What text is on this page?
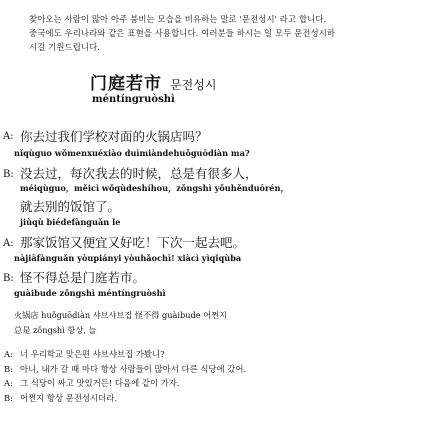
찾아오는 사람이 많아 아주 붐비는 모습을 비유하는 말로 '문전성시' 라고 합니다.
중국에도 우리나라와 같은 표현을 사용합니다. 여러분들 하시는 일 모두 문전성시하
시길 기원드립니다.
门庭若市 문전성시
méntíngruòshì
A: 你去过我们学校对面的火锅店吗？
nǐqùguo wǒmenxuéxiào duìmiàndehuǒguōdiàn ma?
B: 没去过，每次我去的时候，总是有很多人，
méiqùguo，měicì wǒqùdeshíhou，zǒngshì yǒuhěnduōrén，
就去别的饭馆了。
jiùqù biédefànguǎn le
A: 那家饭馆又便宜又好吃！下次一起去吧。
nàjiāfànguǎn yòupiányi yòuhǎochī! xiàcì yìqǐqùba
B: 怪不得总是门庭若市。
guàibude zǒngshì méntíngruòshì
火锅店 huǒguōdiàn 샤브샤브집 怪不得 guàibude 어쩐지
总是 zǒngshì 항상, 늘
A: 너 우리학교 맞은편 샤브샤브집 가봤니?
B: 아니, 내가 갈 때 마다 항상 사람들이 많아서 다른 식당에 갔어.
A: 그 식당이 싸고 맛있거든! 다음에 같이 가자.
B: 어쩐지 항상 문전성시더라.
